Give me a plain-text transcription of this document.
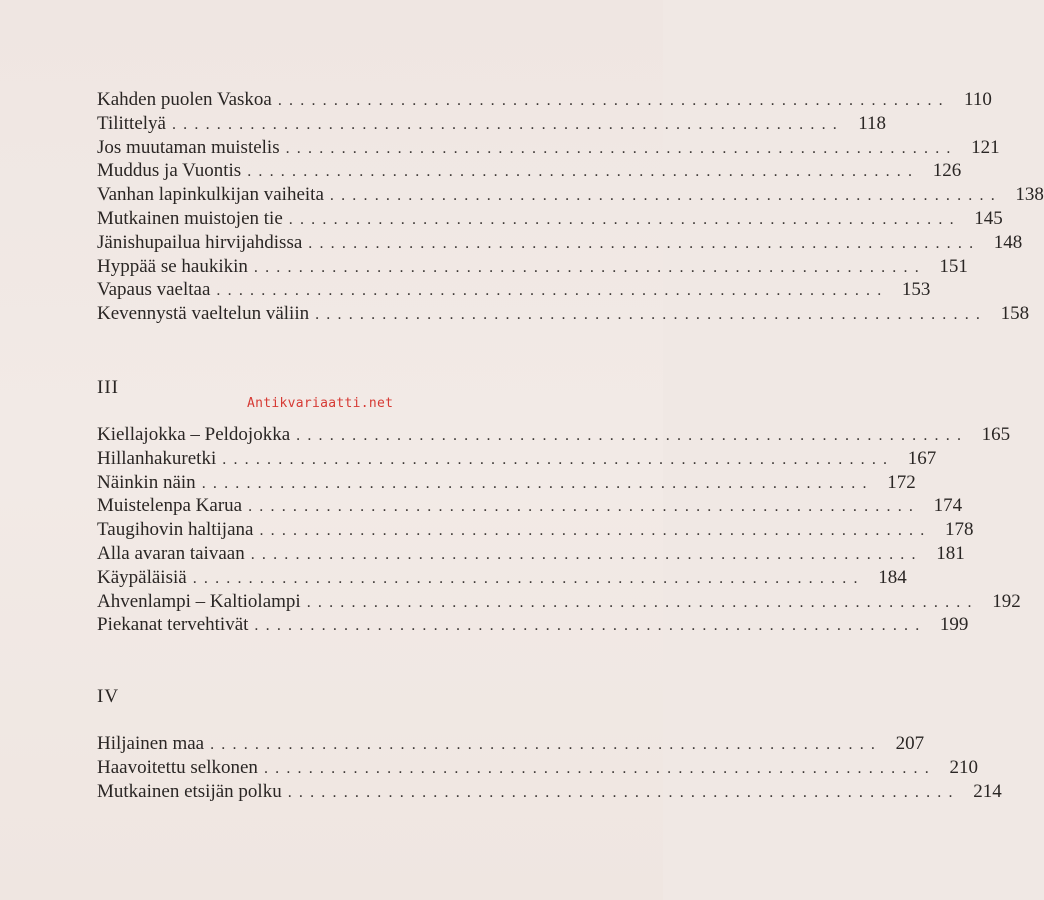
Kahden puolen Vaskoa ............................................................ 110
Tilittelyä ............................................................ 118
Jos muutaman muistelis ............................................................ 121
Muddus ja Vuontis ............................................................ 126
Vanhan lapinkulkijan vaiheita ............................................................ 138
Mutkainen muistojen tie ............................................................ 145
Jänishupailua hirvijahdissa ............................................................ 148
Hyppää se haukikin ............................................................ 151
Vapaus vaeltaa ............................................................ 153
Kevennystä vaeltelun väliin ............................................................ 158
III
Antikvariaatti.net
Kiellajokka – Peldojokka ............................................................ 165
Hillanhakuretki ............................................................ 167
Näinkin näin ............................................................ 172
Muistelenpa Karua ............................................................ 174
Taugihovin haltijana ............................................................ 178
Alla avaran taivaan ............................................................ 181
Käypäläisiä ............................................................ 184
Ahvenlampi – Kaltiolampi ............................................................ 192
Piekanat tervehtivät ............................................................ 199
IV
Hiljainen maa ............................................................ 207
Haavoitettu selkonen ............................................................ 210
Mutkainen etsijän polku ............................................................ 214
